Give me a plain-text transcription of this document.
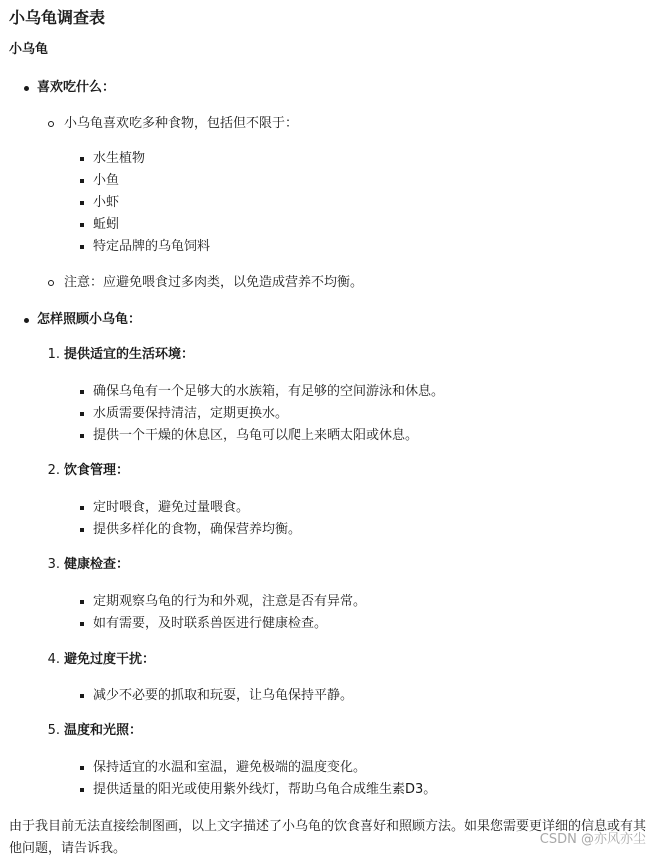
小乌龟调查表
小乌龟
喜欢吃什么：
小乌龟喜欢吃多种食物，包括但不限于：
水生植物
小鱼
小虾
蚯蚓
特定品牌的乌龟饲料
注意：应避免喂食过多肉类，以免造成营养不均衡。
怎样照顾小乌龟：
1. 提供适宜的生活环境：
确保乌龟有一个足够大的水族箱，有足够的空间游泳和休息。
水质需要保持清洁，定期更换水。
提供一个干燥的休息区，乌龟可以爬上来晒太阳或休息。
2. 饮食管理：
定时喂食，避免过量喂食。
提供多样化的食物，确保营养均衡。
3. 健康检查：
定期观察乌龟的行为和外观，注意是否有异常。
如有需要，及时联系兽医进行健康检查。
4. 避免过度干扰：
减少不必要的抓取和玩耍，让乌龟保持平静。
5. 温度和光照：
保持适宜的水温和室温，避免极端的温度变化。
提供适量的阳光或使用紫外线灯，帮助乌龟合成维生素D3。

由于我目前无法直接绘制图画，以上文字描述了小乌龟的饮食喜好和照顾方法。如果您需要更详细的信息或有其他问题，请告诉我。

CSDN @亦风亦尘
